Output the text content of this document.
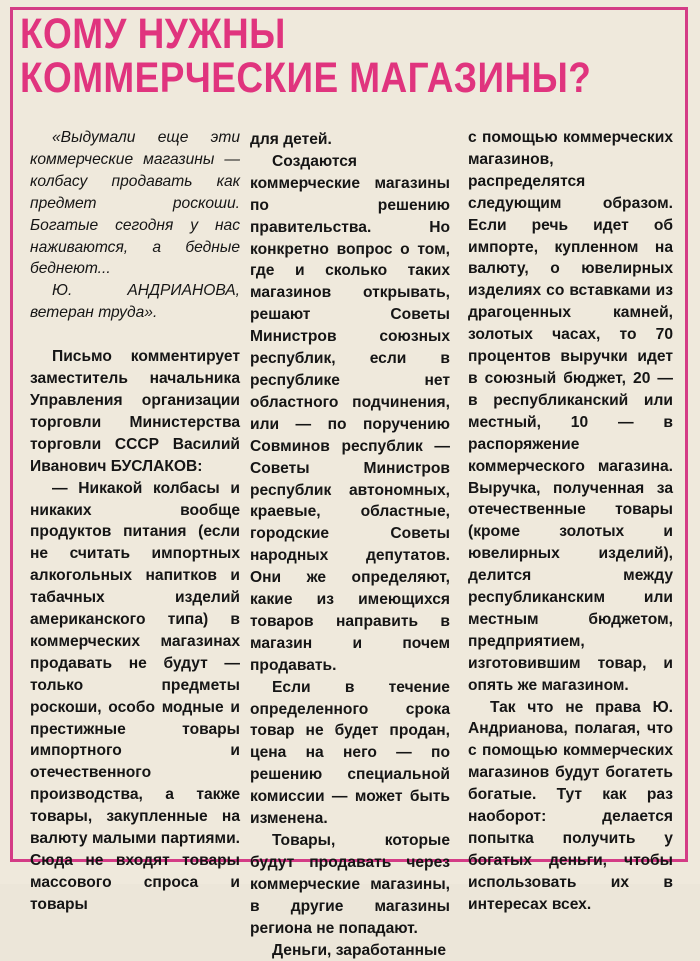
КОМУ НУЖНЫ
КОММЕРЧЕСКИЕ МАГАЗИНЫ?

«Выдумали еще эти коммерческие магазины — колбасу продавать как предмет роскоши. Богатые сегодня у нас наживаются, а бедные беднеют...

Ю. АНДРИАНОВА, ветеран труда».

Письмо комментирует заместитель начальника Управления организации торговли Министерства торговли СССР Василий Иванович БУСЛАКОВ:

— Никакой колбасы и никаких вообще продуктов питания (если не считать импортных алкогольных напитков и табачных изделий американского типа) в коммерческих магазинах продавать не будут — только предметы роскоши, особо модные и престижные товары импортного и отечественного производства, а также товары, закупленные на валюту малыми партиями. Сюда не входят товары массового спроса и товары

для детей.

Создаются коммерческие магазины по решению правительства. Но конкретно вопрос о том, где и сколько таких магазинов открывать, решают Советы Министров союзных республик, если в республике нет областного подчинения, или — по поручению Совминов республик — Советы Министров республик автономных, краевые, областные, городские Советы народных депутатов. Они же определяют, какие из имеющихся товаров направить в магазин и почем продавать.

Если в течение определенного срока товар не будет продан, цена на него — по решению специальной комиссии — может быть изменена.

Товары, которые будут продавать через коммерческие магазины, в другие магазины региона не попадают.

Деньги, заработанные

с помощью коммерческих магазинов, распределятся следующим образом. Если речь идет об импорте, купленном на валюту, о ювелирных изделиях со вставками из драгоценных камней, золотых часах, то 70 процентов выручки идет в союзный бюджет, 20 — в республиканский или местный, 10 — в распоряжение коммерческого магазина. Выручка, полученная за отечественные товары (кроме золотых и ювелирных изделий), делится между республиканским или местным бюджетом, предприятием, изготовившим товар, и опять же магазином.

Так что не права Ю. Андрианова, полагая, что с помощью коммерческих магазинов будут богатеть богатые. Тут как раз наоборот: делается попытка получить у богатых деньги, чтобы использовать их в интересах всех.
